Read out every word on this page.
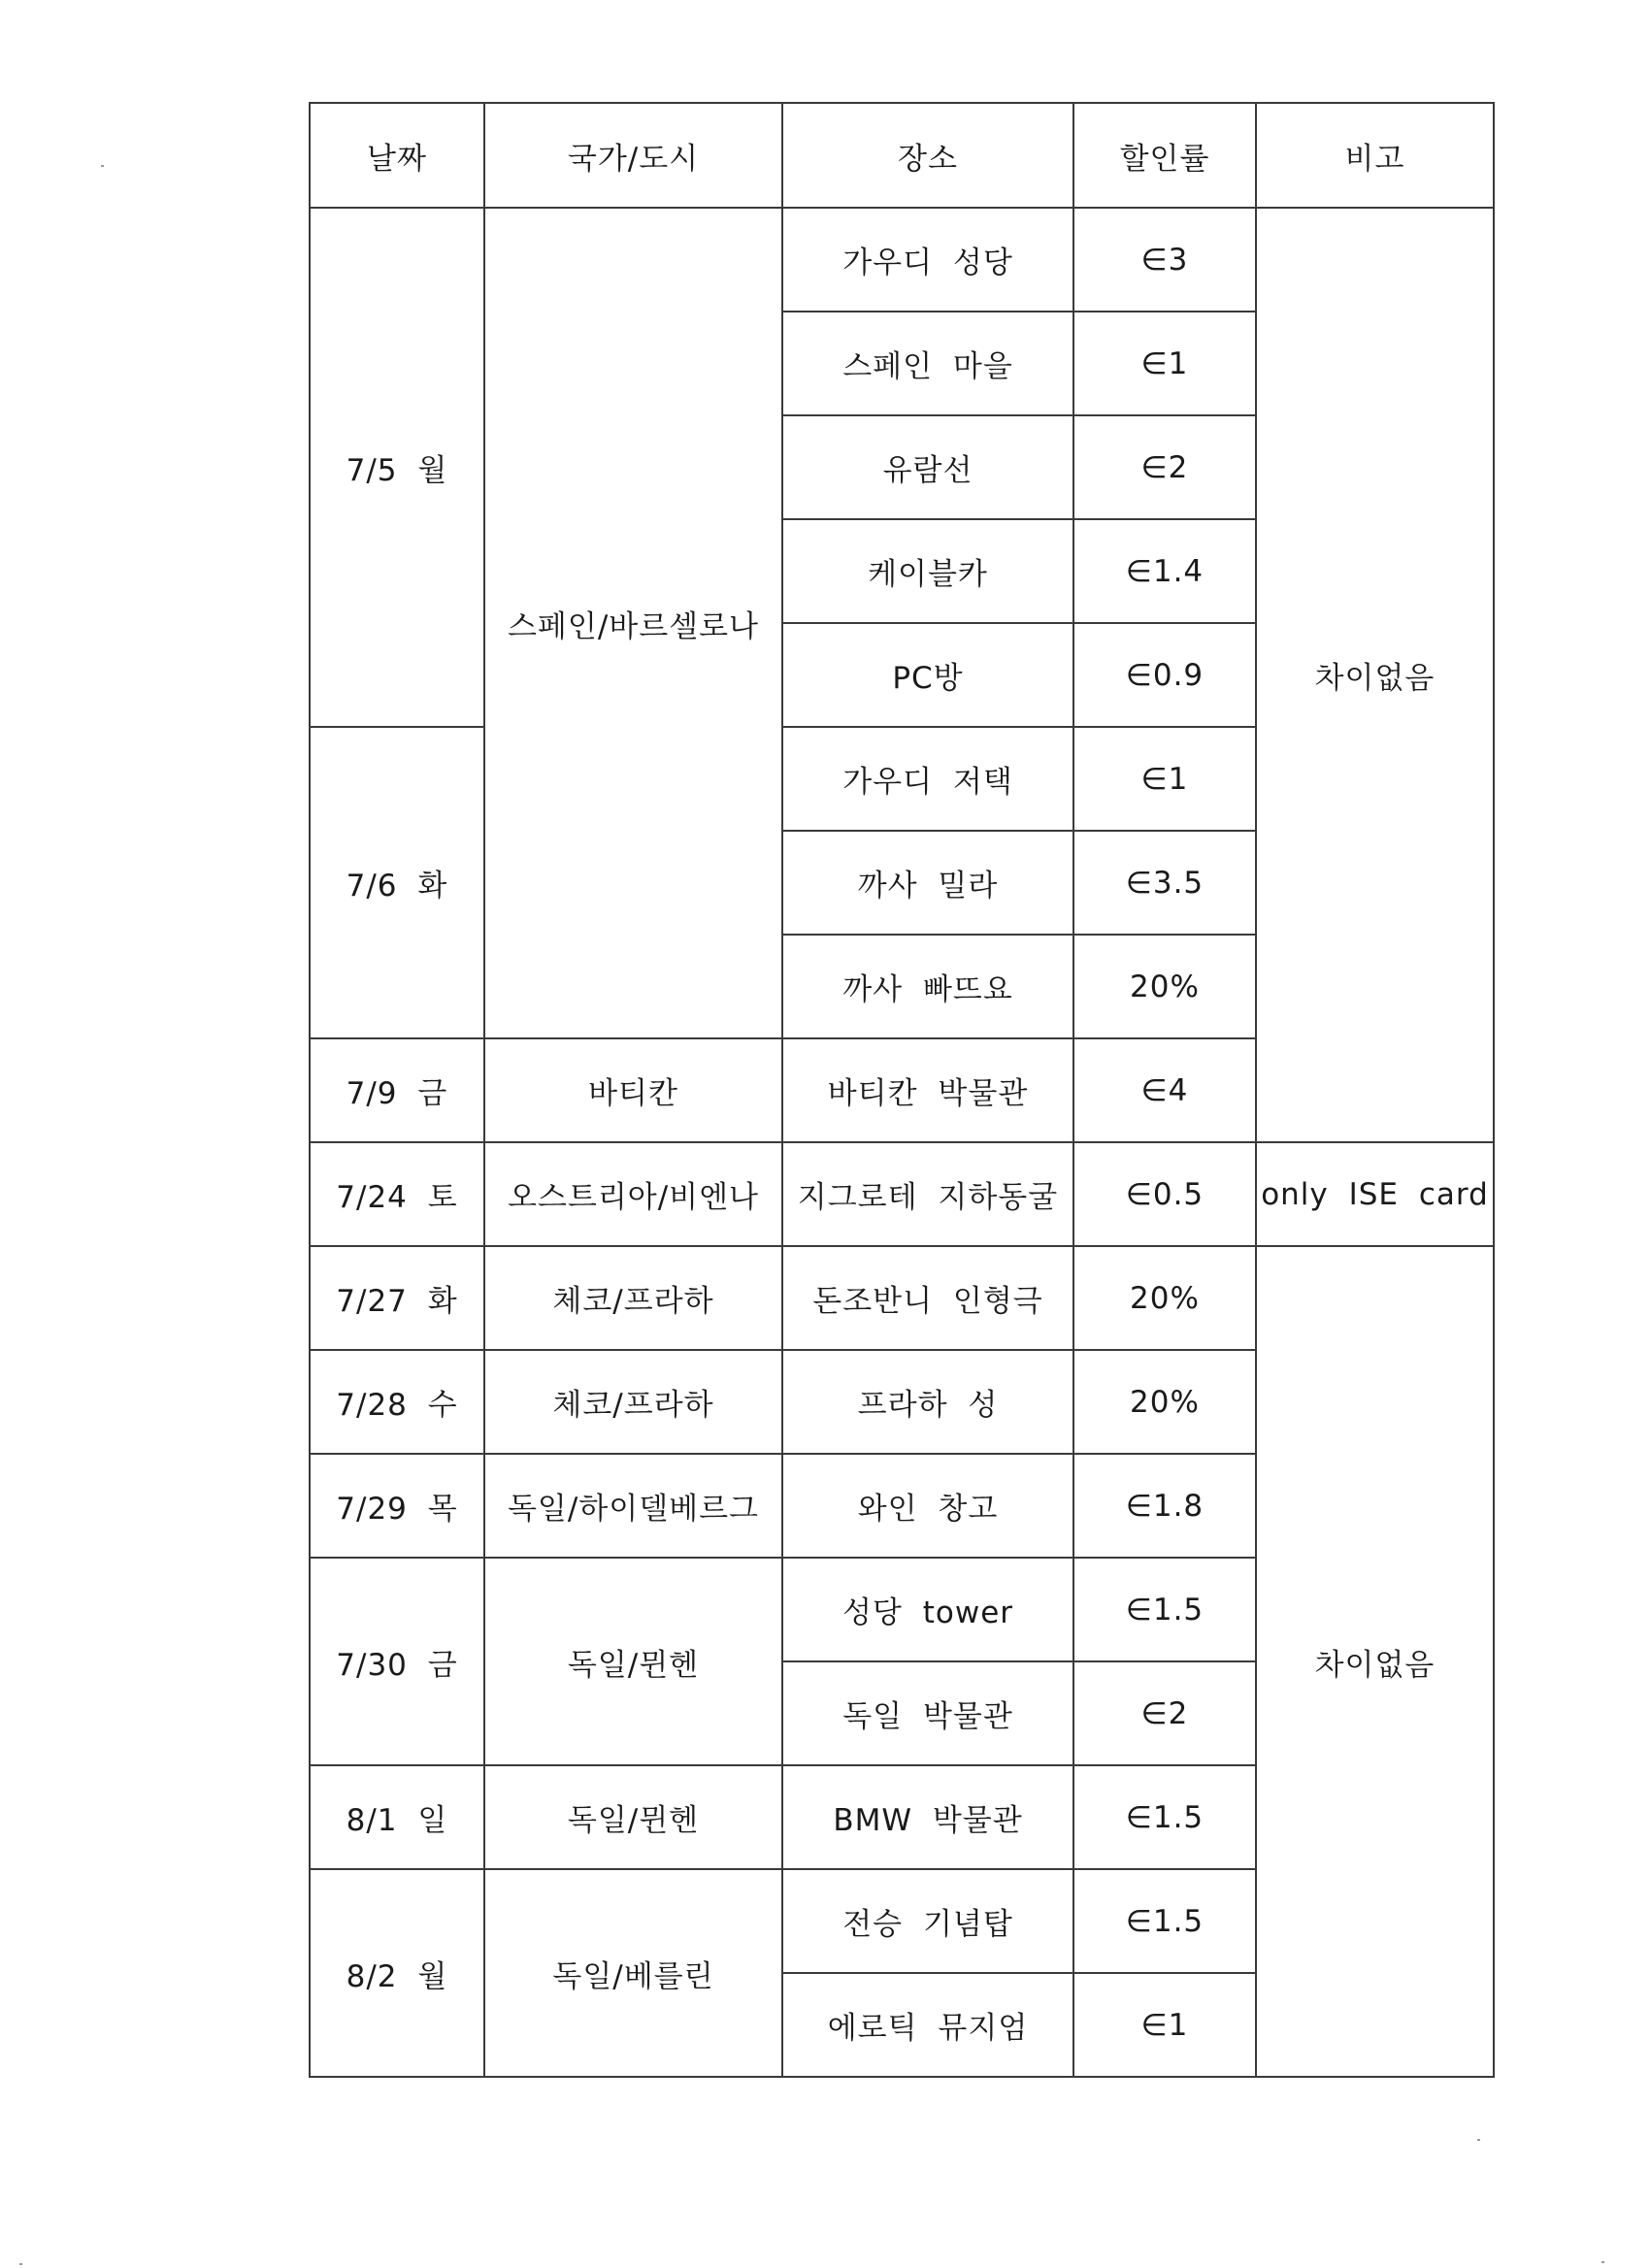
날짜	국가/도시	장소	할인률	비고
7/5 월	스페인/바르셀로나	가우디 성당	∈3	차이없음
		스페인 마을	∈1	
		유람선	∈2	
		케이블카	∈1.4	
		PC방	∈0.9	
7/6 화		가우디 저택	∈1	
		까사 밀라	∈3.5	
		까사 빠뜨요	20%	
7/9 금	바티칸	바티칸 박물관	∈4	
7/24 토	오스트리아/비엔나	지그로테 지하동굴	∈0.5	only ISE card
7/27 화	체코/프라하	돈조반니 인형극	20%	차이없음
7/28 수	체코/프라하	프라하 성	20%	
7/29 목	독일/하이델베르그	와인 창고	∈1.8	
7/30 금	독일/뮌헨	성당 tower	∈1.5	
		독일 박물관	∈2	
8/1 일	독일/뮌헨	BMW 박물관	∈1.5	
8/2 월	독일/베를린	전승 기념탑	∈1.5	
		에로틱 뮤지엄	∈1	
